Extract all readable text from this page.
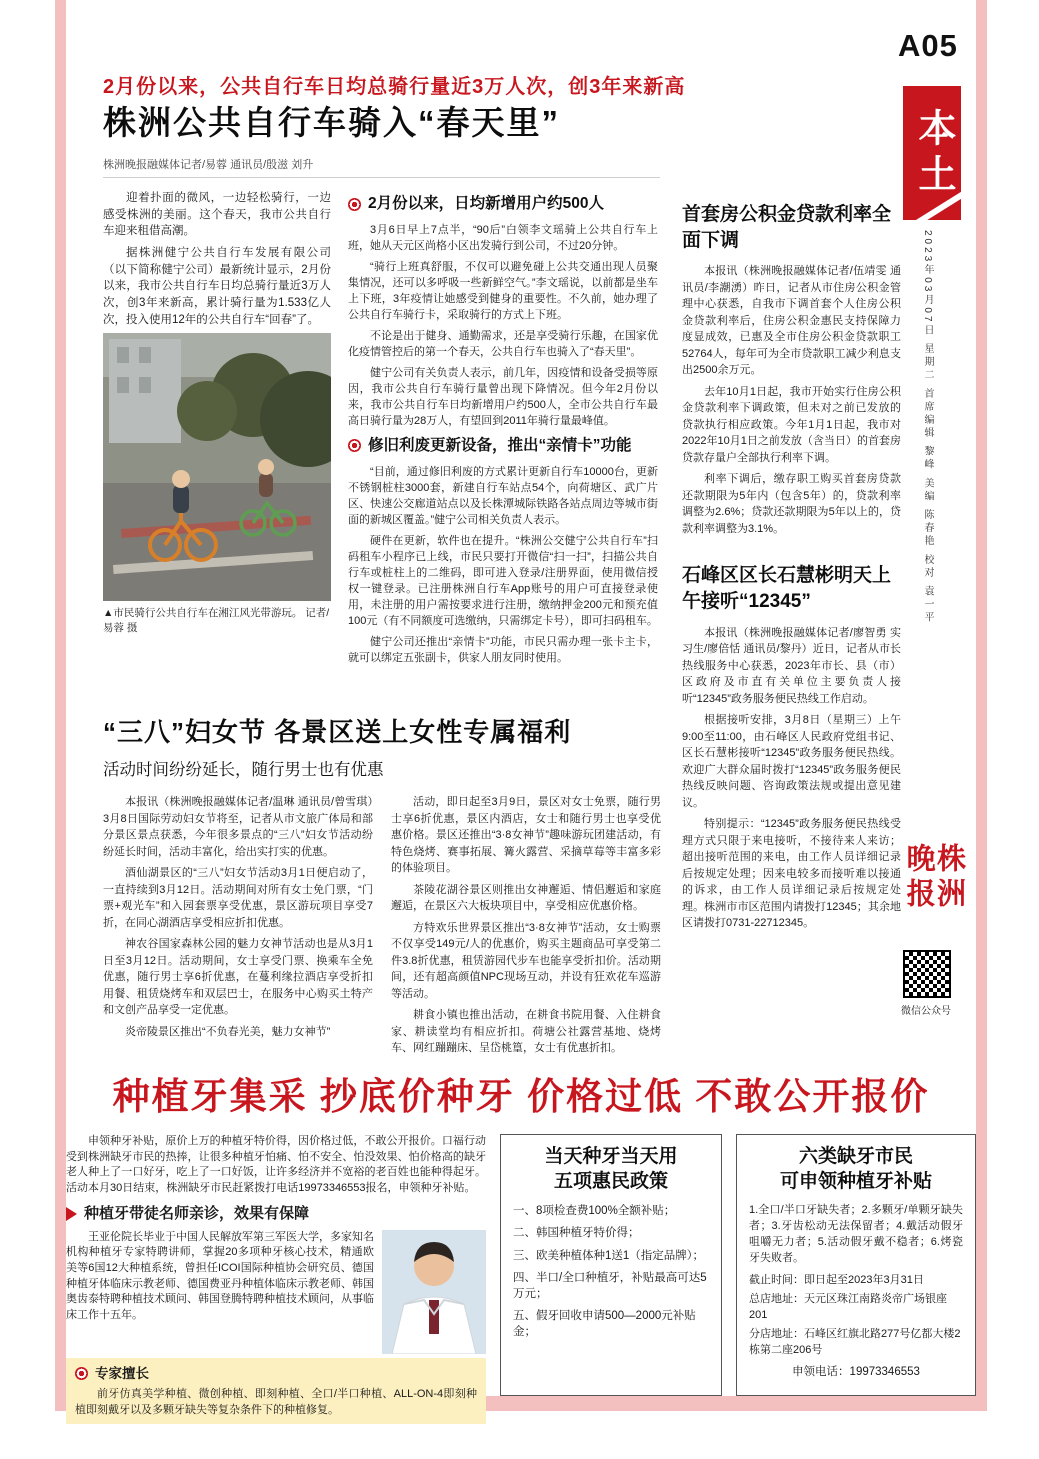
A05
本土
2023年03月07日 星期二 首席编辑 黎峰 美编 陈春艳 校对 袁一平
2月份以来，公共自行车日均总骑行量近3万人次，创3年来新高
株洲公共自行车骑入“春天里”
株洲晚报融媒体记者/易蓉 通讯员/殷滋 刘升

迎着扑面的微风，一边轻松骑行，一边感受株洲的美丽。这个春天，我市公共自行车迎来租借高潮。

据株洲健宁公共自行车发展有限公司（以下简称健宁公司）最新统计显示，2月份以来，我市公共自行车日均总骑行量近3万人次，创3年来新高，累计骑行量为1.533亿人次，投入使用12年的公共自行车“回春”了。

▲市民骑行公共自行车在湘江风光带游玩。 记者/易蓉 摄
2月份以来，日均新增用户约500人

3月6日早上7点半，“90后”白领李文瑶骑上公共自行车上班，她从天元区尚格小区出发骑行到公司，不过20分钟。

“骑行上班真舒服，不仅可以避免碰上公共交通出现人员聚集情况，还可以多呼吸一些新鲜空气。”李文瑶说，以前都是坐车上下班，3年疫情让她感受到健身的重要性。不久前，她办理了公共自行车骑行卡，采取骑行的方式上下班。

不论是出于健身、通勤需求，还是享受骑行乐趣，在国家优化疫情管控后的第一个春天，公共自行车也骑入了“春天里”。

健宁公司有关负责人表示，前几年，因疫情和设备受损等原因，我市公共自行车骑行量曾出现下降情况。但今年2月份以来，我市公共自行车日均新增用户约500人，全市公共自行车最高日骑行量为28万人，有望回到2011年骑行量最峰值。

修旧利废更新设备，推出“亲情卡”功能

“目前，通过修旧利废的方式累计更新自行车10000台，更新不锈钢桩柱3000套，新建自行车站点54个，向荷塘区、武广片区、快速公交廊道站点以及长株潭城际铁路各站点周边等城市街面的新城区覆盖。”健宁公司相关负责人表示。

硬件在更新，软件也在提升。“株洲公交健宁公共自行车”扫码租车小程序已上线，市民只要打开微信“扫一扫”，扫描公共自行车或桩柱上的二维码，即可进入登录/注册界面，使用微信授权一键登录。已注册株洲自行车App账号的用户可直接登录使用，未注册的用户需按要求进行注册，缴纳押金200元和预充值100元（有不同额度可选缴纳，只需绑定卡号），即可扫码租车。

健宁公司还推出“亲情卡”功能，市民只需办理一张卡主卡，就可以绑定五张副卡，供家人朋友同时使用。

首套房公积金贷款利率全面下调

本报讯（株洲晚报融媒体记者/伍靖雯 通讯员/李謿湧）昨日，记者从市住房公积金管理中心获悉，自我市下调首套个人住房公积金贷款利率后，住房公积金惠民支持保障力度显成效，已惠及全市住房公积金贷款职工52764人，每年可为全市贷款职工减少利息支出2500余万元。

去年10月1日起，我市开始实行住房公积金贷款利率下调政策，但未对之前已发放的贷款执行相应政策。今年1月1日起，我市对2022年10月1日之前发放（含当日）的首套房贷款存量户全部执行利率下调。

利率下调后，缴存职工购买首套房贷款还款期限为5年内（包含5年）的，贷款利率调整为2.6%；贷款还款期限为5年以上的，贷款利率调整为3.1%。

石峰区区长石慧彬明天上午接听“12345”

本报讯（株洲晚报融媒体记者/廖智勇 实习生/廖倍恬 通讯员/黎丹）近日，记者从市长热线服务中心获悉，2023年市长、县（市）区政府及市直有关单位主要负责人接听“12345”政务服务便民热线工作启动。

根据接听安排，3月8日（星期三）上午9:00至11:00，由石峰区人民政府党组书记、区长石慧彬接听“12345”政务服务便民热线。欢迎广大群众届时拨打“12345”政务服务便民热线反映问题、咨询政策法规或提出意见建议。

特别提示：“12345”政务服务便民热线受理方式只限于来电接听，不接待来人来访；超出接听范围的来电，由工作人员详细记录后按规定处理；因来电较多而接听难以接通的诉求，由工作人员详细记录后按规定处理。株洲市市区范围内请拨打12345；其余地区请拨打0731-22712345。

“三八”妇女节 各景区送上女性专属福利
活动时间纷纷延长，随行男士也有优惠

本报讯（株洲晚报融媒体记者/温琳 通讯员/曾雪琪）3月8日国际劳动妇女节将至，记者从市文旅广体局和部分景区景点获悉，今年很多景点的“三八”妇女节活动纷纷延长时间，活动丰富化，给出实打实的优惠。

酒仙湖景区的“三八”妇女节活动3月1日便启动了，一直持续到3月12日。活动期间对所有女士免门票，“门票+观光车”和入园套票享受优惠，景区游玩项目享受7折，在同心湖酒店享受相应折扣优惠。

神农谷国家森林公园的魅力女神节活动也是从3月1日至3月12日。活动期间，女士享受门票、换乘车全免优惠，随行男士享6折优惠，在蔓利缘拉酒店享受折扣用餐、租赁烧烤车和双层巴士，在服务中心购买土特产和文创产品享受一定优惠。

炎帝陵景区推出“不负春光美，魅力女神节”

活动，即日起至3月9日，景区对女士免票，随行男士享6折优惠，景区内酒店，女士和随行男士也享受优惠价格。景区还推出“3·8女神节”趣味游玩团建活动，有特色烧烤、赛事拓展、篝火露营、采摘草莓等丰富多彩的体验项目。

茶陵花湖谷景区则推出女神邂逅、情侣邂逅和家庭邂逅，在景区六大板块项目中，享受相应优惠价格。

方特欢乐世界景区推出“3·8女神节”活动，女士购票不仅享受149元/人的优惠价，购买主题商品可享受第二件3.8折优惠，租赁游园代步车也能享受折扣价。活动期间，还有超高颜值NPC现场互动，并设有狂欢花车巡游等活动。

耕食小镇也推出活动，在耕食书院用餐、入住耕食家、耕读堂均有相应折扣。荷塘公社露营基地、烧烤车、网红蹦蹦床、呈岱桃篁，女士有优惠折扣。

株洲晚报
微信公众号
种植牙集采 抄底价种牙 价格过低 不敢公开报价

申领种牙补贴，原价上万的种植牙特价得，因价格过低，不敢公开报价。口福行动受到株洲缺牙市民的热捧，让很多种植牙怕痛、怕不安全、怕没效果、怕价格高的缺牙老人种上了一口好牙，吃上了一口好饭，让许多经济并不宽裕的老百姓也能种得起牙。活动本月30日结束，株洲缺牙市民赶紧拨打电话19973346553报名，申领种牙补贴。

种植牙带徒名师亲诊，效果有保障

王亚伦院长毕业于中国人民解放军第三军医大学，多家知名机构种植牙专家特聘讲师，掌握20多项种牙核心技术，精通欧美等6国12大种植系统，曾担任ICOI国际种植协会研究员、德国种植牙体临床示教老师、德国费亚丹种植体临床示教老师、韩国奥齿泰特聘种植技术顾问、韩国登腾特聘种植技术顾问，从事临床工作十五年。

专家擅长

前牙仿真美学种植、微创种植、即刻种植、全口/半口种植、ALL-ON-4即刻种植即刻戴牙以及多颗牙缺失等复杂条件下的种植修复。

当天种牙当天用
五项惠民政策
一、8项检查费100%全额补贴；
二、韩国种植牙特价得；
三、欧美种植体种1送1（指定品牌）；
四、半口/全口种植牙，补贴最高可达5万元；
五、假牙回收申请500—2000元补贴金；
六类缺牙市民
可申领种植牙补贴
1.全口/半口牙缺失者；2.多颗牙/单颗牙缺失者；3.牙齿松动无法保留者；4.戴活动假牙咀嚼无力者；5.活动假牙戴不稳者；6.烤瓷牙失败者。
截止时间：即日起至2023年3月31日
总店地址：天元区珠江南路炎帝广场银座201
分店地址：石峰区红旗北路277号亿都大楼2栋第二座206号
申领电话：19973346553
